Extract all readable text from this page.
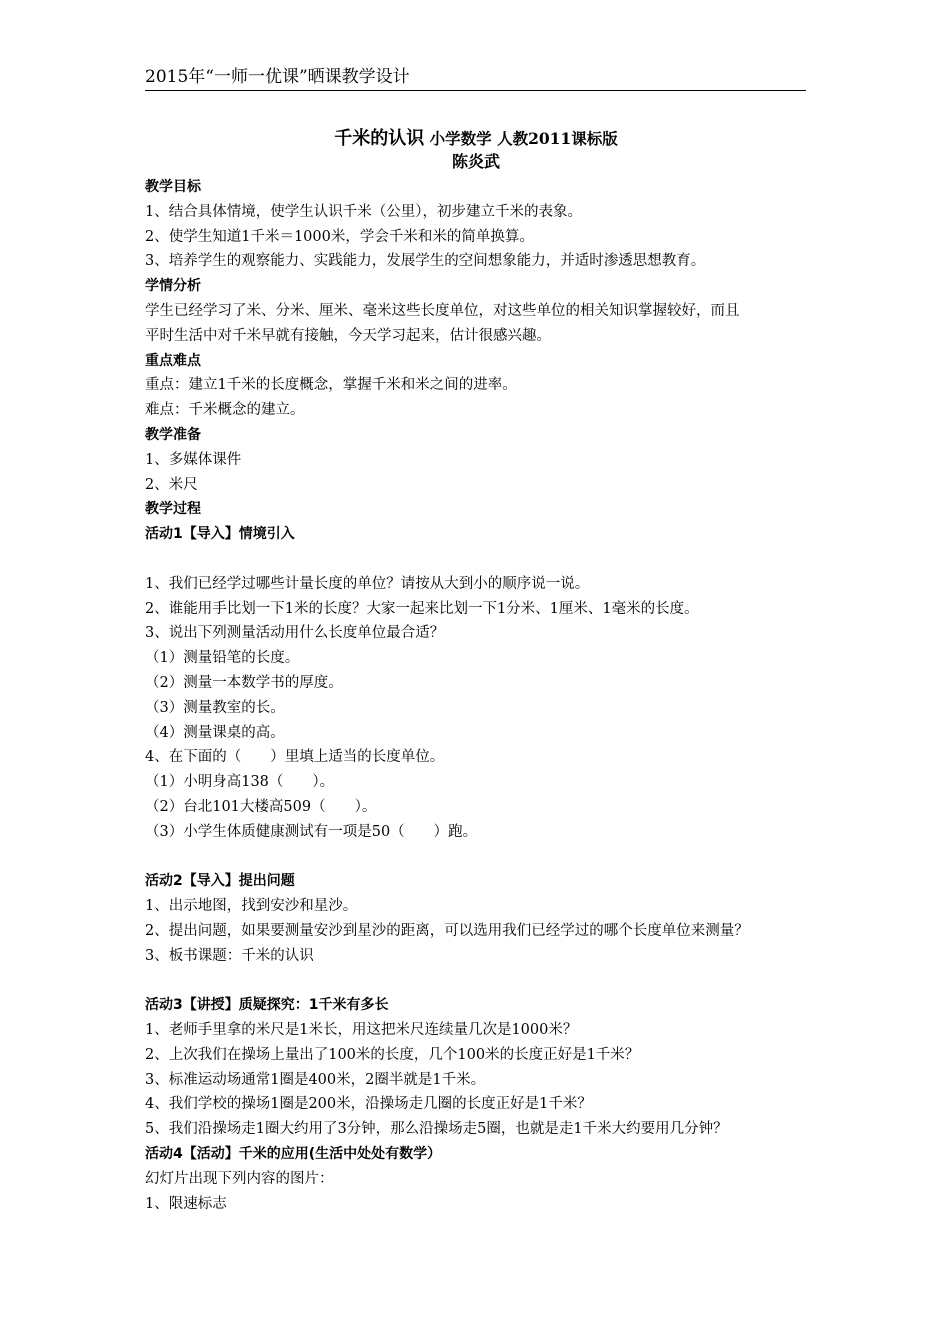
2015年“一师一优课”晒课教学设计
千米的认识 小学数学 人教2011课标版
陈炎武
教学目标
1、结合具体情境，使学生认识千米（公里），初步建立千米的表象。
2、使学生知道1千米＝1000米，学会千米和米的简单换算。
3、培养学生的观察能力、实践能力，发展学生的空间想象能力，并适时渗透思想教育。
学情分析
学生已经学习了米、分米、厘米、毫米这些长度单位，对这些单位的相关知识掌握较好，而且
平时生活中对千米早就有接触，今天学习起来，估计很感兴趣。
重点难点
重点：建立1千米的长度概念，掌握千米和米之间的进率。
难点：千米概念的建立。
教学准备
1、多媒体课件
2、米尺
教学过程
活动1【导入】情境引入
1、我们已经学过哪些计量长度的单位？请按从大到小的顺序说一说。
2、谁能用手比划一下1米的长度？大家一起来比划一下1分米、1厘米、1毫米的长度。
3、说出下列测量活动用什么长度单位最合适？
（1）测量铅笔的长度。
（2）测量一本数学书的厚度。
（3）测量教室的长。
（4）测量课桌的高。
4、在下面的（　　）里填上适当的长度单位。
（1）小明身高138（　　）。
（2）台北101大楼高509（　　）。
（3）小学生体质健康测试有一项是50（　　）跑。
活动2【导入】提出问题
1、出示地图，找到安沙和星沙。
2、提出问题，如果要测量安沙到星沙的距离，可以选用我们已经学过的哪个长度单位来测量？
3、板书课题：千米的认识
活动3【讲授】质疑探究：1千米有多长
1、老师手里拿的米尺是1米长，用这把米尺连续量几次是1000米？
2、上次我们在操场上量出了100米的长度，几个100米的长度正好是1千米？
3、标准运动场通常1圈是400米，2圈半就是1千米。
4、我们学校的操场1圈是200米，沿操场走几圈的长度正好是1千米？
5、我们沿操场走1圈大约用了3分钟，那么沿操场走5圈，也就是走1千米大约要用几分钟？
活动4【活动】千米的应用(生活中处处有数学）
幻灯片出现下列内容的图片：
1、限速标志
